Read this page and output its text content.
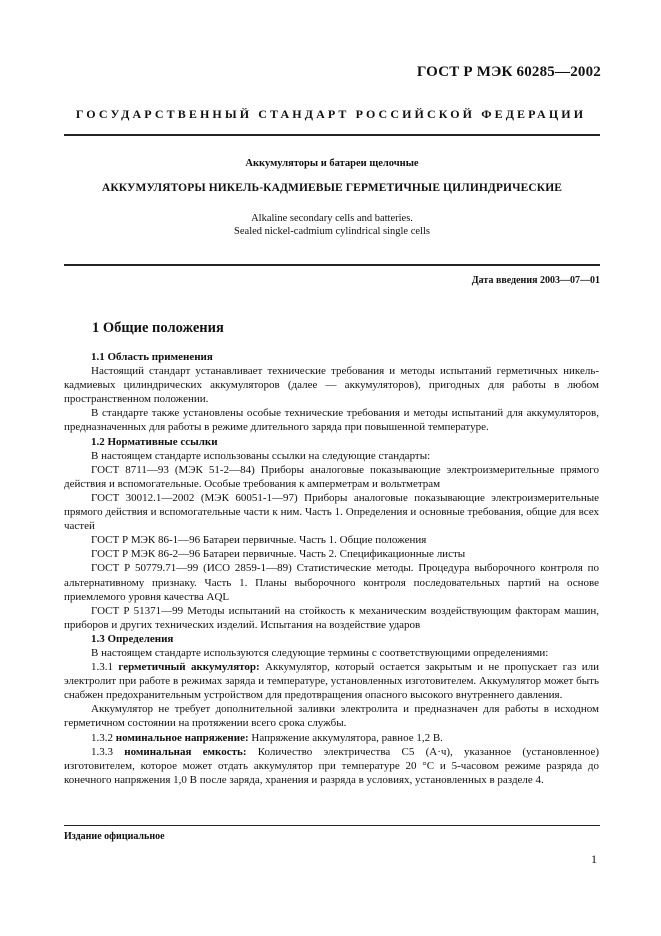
ГОСТ Р МЭК 60285—2002
ГОСУДАРСТВЕННЫЙ СТАНДАРТ РОССИЙСКОЙ ФЕДЕРАЦИИ
Аккумуляторы и батареи щелочные
АККУМУЛЯТОРЫ НИКЕЛЬ-КАДМИЕВЫЕ ГЕРМЕТИЧНЫЕ ЦИЛИНДРИЧЕСКИЕ
Alkaline secondary cells and batteries.
Sealed nickel-cadmium cylindrical single cells
Дата введения 2003—07—01
1 Общие положения

1.1 Область применения

Настоящий стандарт устанавливает технические требования и методы испытаний герметичных никель-кадмиевых цилиндрических аккумуляторов (далее — аккумуляторов), пригодных для работы в любом пространственном положении.

В стандарте также установлены особые технические требования и методы испытаний для аккумуляторов, предназначенных для работы в режиме длительного заряда при повышенной температуре.

1.2 Нормативные ссылки

В настоящем стандарте использованы ссылки на следующие стандарты:

ГОСТ 8711—93 (МЭК 51-2—84) Приборы аналоговые показывающие электроизмерительные прямого действия и вспомогательные. Особые требования к амперметрам и вольтметрам

ГОСТ 30012.1—2002 (МЭК 60051-1—97) Приборы аналоговые показывающие электроизмерительные прямого действия и вспомогательные части к ним. Часть 1. Определения и основные требования, общие для всех частей

ГОСТ Р МЭК 86-1—96 Батареи первичные. Часть 1. Общие положения

ГОСТ Р МЭК 86-2—96 Батареи первичные. Часть 2. Спецификационные листы

ГОСТ Р 50779.71—99 (ИСО 2859-1—89) Статистические методы. Процедура выборочного контроля по альтернативному признаку. Часть 1. Планы выборочного контроля последовательных партий на основе приемлемого уровня качества AQL

ГОСТ Р 51371—99 Методы испытаний на стойкость к механическим воздействующим факторам машин, приборов и других технических изделий. Испытания на воздействие ударов

1.3 Определения

В настоящем стандарте используются следующие термины с соответствующими определениями:

1.3.1 герметичный аккумулятор: Аккумулятор, который остается закрытым и не пропускает газ или электролит при работе в режимах заряда и температуре, установленных изготовителем. Аккумулятор может быть снабжен предохранительным устройством для предотвращения опасного высокого внутреннего давления.

Аккумулятор не требует дополнительной заливки электролита и предназначен для работы в исходном герметичном состоянии на протяжении всего срока службы.

1.3.2 номинальное напряжение: Напряжение аккумулятора, равное 1,2 В.

1.3.3 номинальная емкость: Количество электричества C5 (А·ч), указанное (установленное) изготовителем, которое может отдать аккумулятор при температуре 20 °С и 5-часовом режиме разряда до конечного напряжения 1,0 В после заряда, хранения и разряда в условиях, установленных в разделе 4.

Издание официальное
1
